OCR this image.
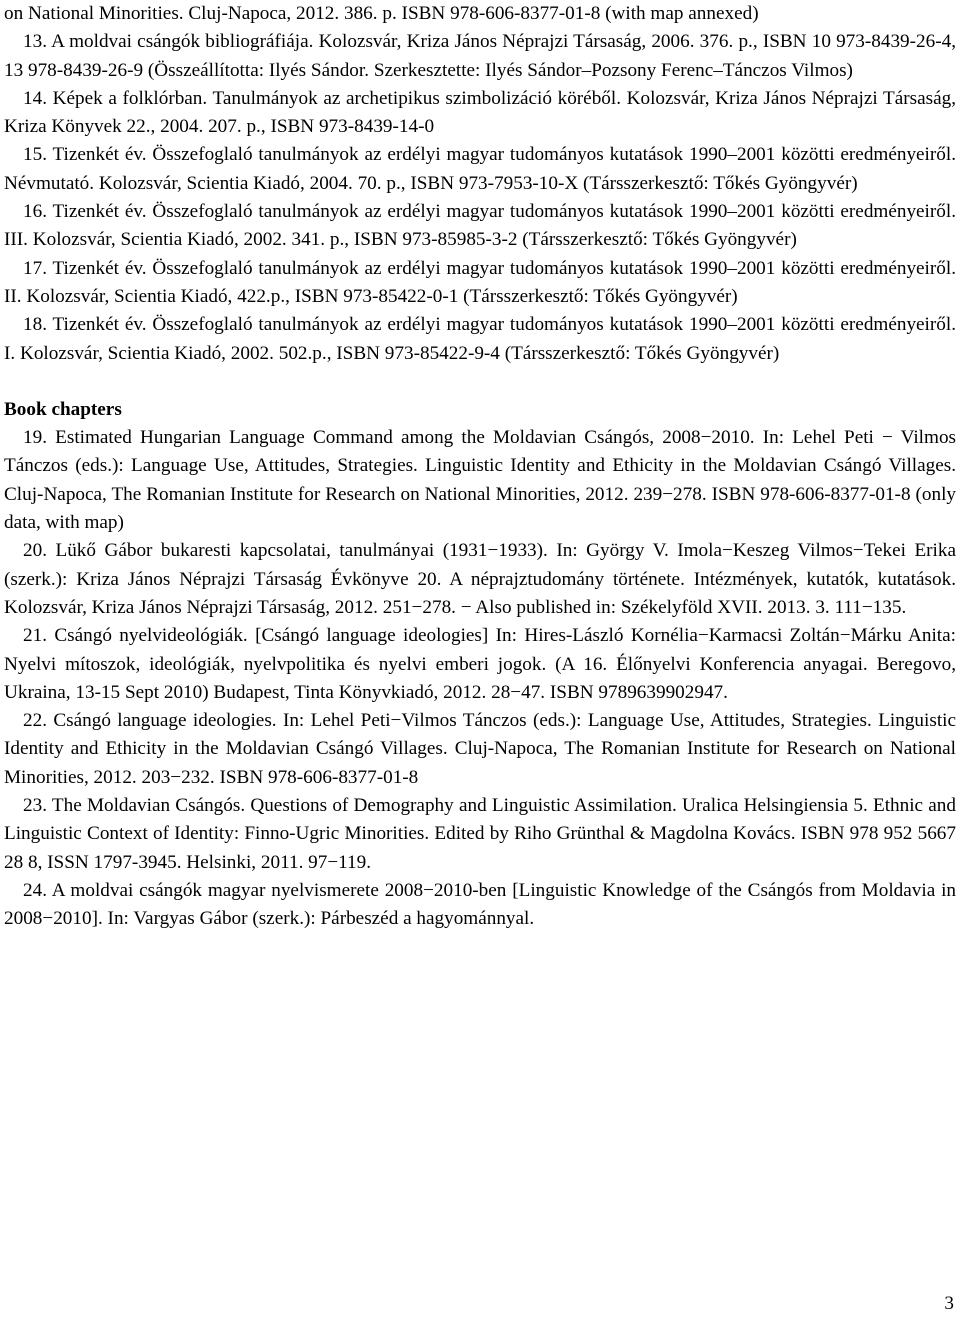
on National Minorities. Cluj-Napoca, 2012. 386. p. ISBN 978-606-8377-01-8 (with map annexed)

13. A moldvai csángók bibliográfiája. Kolozsvár, Kriza János Néprajzi Társaság, 2006. 376. p., ISBN 10 973-8439-26-4, 13 978-8439-26-9 (Összeállította: Ilyés Sándor. Szerkesztette: Ilyés Sándor–Pozsony Ferenc–Tánczos Vilmos)

14. Képek a folklórban. Tanulmányok az archetipikus szimbolizáció köréből. Kolozsvár, Kriza János Néprajzi Társaság, Kriza Könyvek 22., 2004. 207. p., ISBN 973-8439-14-0

15. Tizenkét év. Összefoglaló tanulmányok az erdélyi magyar tudományos kutatások 1990–2001 közötti eredményeiről. Névmutató. Kolozsvár, Scientia Kiadó, 2004. 70. p., ISBN 973-7953-10-X (Társszerkesztő: Tőkés Gyöngyvér)

16. Tizenkét év. Összefoglaló tanulmányok az erdélyi magyar tudományos kutatások 1990–2001 közötti eredményeiről. III. Kolozsvár, Scientia Kiadó, 2002. 341. p., ISBN 973-85985-3-2 (Társszerkesztő: Tőkés Gyöngyvér)

17. Tizenkét év. Összefoglaló tanulmányok az erdélyi magyar tudományos kutatások 1990–2001 közötti eredményeiről. II. Kolozsvár, Scientia Kiadó, 422.p., ISBN 973-85422-0-1 (Társszerkesztő: Tőkés Gyöngyvér)

18. Tizenkét év. Összefoglaló tanulmányok az erdélyi magyar tudományos kutatások 1990–2001 közötti eredményeiről. I. Kolozsvár, Scientia Kiadó, 2002. 502.p., ISBN 973-85422-9-4 (Társszerkesztő: Tőkés Gyöngyvér)

Book chapters

19. Estimated Hungarian Language Command among the Moldavian Csángós, 2008−2010. In: Lehel Peti − Vilmos Tánczos (eds.): Language Use, Attitudes, Strategies. Linguistic Identity and Ethicity in the Moldavian Csángó Villages. Cluj-Napoca, The Romanian Institute for Research on National Minorities, 2012. 239−278. ISBN 978-606-8377-01-8 (only data, with map)

20. Lükő Gábor bukaresti kapcsolatai, tanulmányai (1931−1933). In: György V. Imola−Keszeg Vilmos−Tekei Erika (szerk.): Kriza János Néprajzi Társaság Évkönyve 20. A néprajztudomány története. Intézmények, kutatók, kutatások. Kolozsvár, Kriza János Néprajzi Társaság, 2012. 251−278. − Also published in: Székelyföld XVII. 2013. 3. 111−135.

21. Csángó nyelvideológiák. [Csángó language ideologies] In: Hires-László Kornélia−Karmacsi Zoltán−Márku Anita: Nyelvi mítoszok, ideológiák, nyelvpolitika és nyelvi emberi jogok. (A 16. Élőnyelvi Konferencia anyagai. Beregovo, Ukraina, 13-15 Sept 2010) Budapest, Tinta Könyvkiadó, 2012. 28−47. ISBN 9789639902947.

22. Csángó language ideologies. In: Lehel Peti−Vilmos Tánczos (eds.): Language Use, Attitudes, Strategies. Linguistic Identity and Ethicity in the Moldavian Csángó Villages. Cluj-Napoca, The Romanian Institute for Research on National Minorities, 2012. 203−232. ISBN 978-606-8377-01-8

23. The Moldavian Csángós. Questions of Demography and Linguistic Assimilation. Uralica Helsingiensia 5. Ethnic and Linguistic Context of Identity: Finno-Ugric Minorities. Edited by Riho Grünthal & Magdolna Kovács. ISBN 978 952 5667 28 8, ISSN 1797-3945. Helsinki, 2011. 97−119.

24. A moldvai csángók magyar nyelvismerete 2008−2010-ben [Linguistic Knowledge of the Csángós from Moldavia in 2008−2010]. In: Vargyas Gábor (szerk.): Párbeszéd a hagyománnyal.

3
